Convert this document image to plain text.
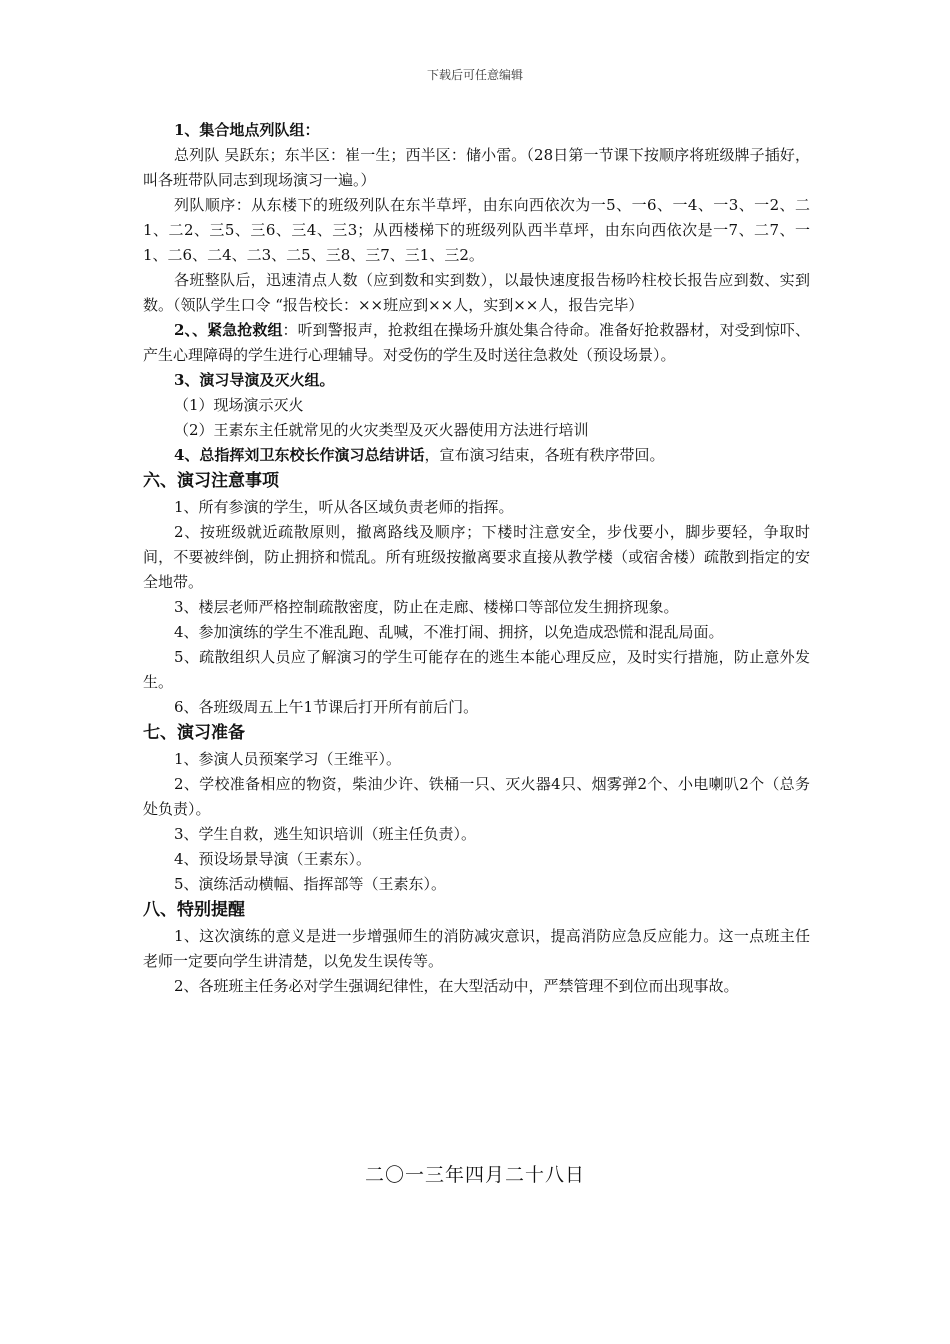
下载后可任意编辑

1、集合地点列队组：

总列队 吴跃东；东半区：崔一生；西半区：储小雷。（28日第一节课下按顺序将班级牌子插好，叫各班带队同志到现场演习一遍。）

列队顺序：从东楼下的班级列队在东半草坪，由东向西依次为一5、一6、一4、一3、一2、二1、二2、三5、三6、三4、三3；从西楼梯下的班级列队西半草坪，由东向西依次是一7、二7、一1、二6、二4、二3、二5、三8、三7、三1、三2。

各班整队后，迅速清点人数（应到数和实到数），以最快速度报告杨吟柱校长报告应到数、实到数。（领队学生口令 “报告校长：××班应到××人，实到××人，报告完毕）

2、、紧急抢救组：听到警报声，抢救组在操场升旗处集合待命。准备好抢救器材，对受到惊吓、产生心理障碍的学生进行心理辅导。对受伤的学生及时送往急救处（预设场景）。

3、演习导演及灭火组。

（1）现场演示灭火

（2）王素东主任就常见的火灾类型及灭火器使用方法进行培训

4、总指挥刘卫东校长作演习总结讲话，宣布演习结束，各班有秩序带回。

六、演习注意事项

1、所有参演的学生，听从各区域负责老师的指挥。

2、按班级就近疏散原则，撤离路线及顺序；下楼时注意安全，步伐要小，脚步要轻，争取时间，不要被绊倒，防止拥挤和慌乱。所有班级按撤离要求直接从教学楼（或宿舍楼）疏散到指定的安全地带。

3、楼层老师严格控制疏散密度，防止在走廊、楼梯口等部位发生拥挤现象。

4、参加演练的学生不准乱跑、乱喊，不准打闹、拥挤，以免造成恐慌和混乱局面。

5、疏散组织人员应了解演习的学生可能存在的逃生本能心理反应，及时实行措施，防止意外发生。

6、各班级周五上午1节课后打开所有前后门。

七、演习准备

1、参演人员预案学习（王维平）。

2、学校准备相应的物资，柴油少许、铁桶一只、灭火器4只、烟雾弹2个、小电喇叭2个（总务处负责）。

3、学生自救，逃生知识培训（班主任负责）。

4、预设场景导演（王素东）。

5、演练活动横幅、指挥部等（王素东）。

八、特别提醒

1、这次演练的意义是进一步增强师生的消防减灾意识，提高消防应急反应能力。这一点班主任老师一定要向学生讲清楚，以免发生误传等。

2、各班班主任务必对学生强调纪律性，在大型活动中，严禁管理不到位而出现事故。

二〇一三年四月二十八日
